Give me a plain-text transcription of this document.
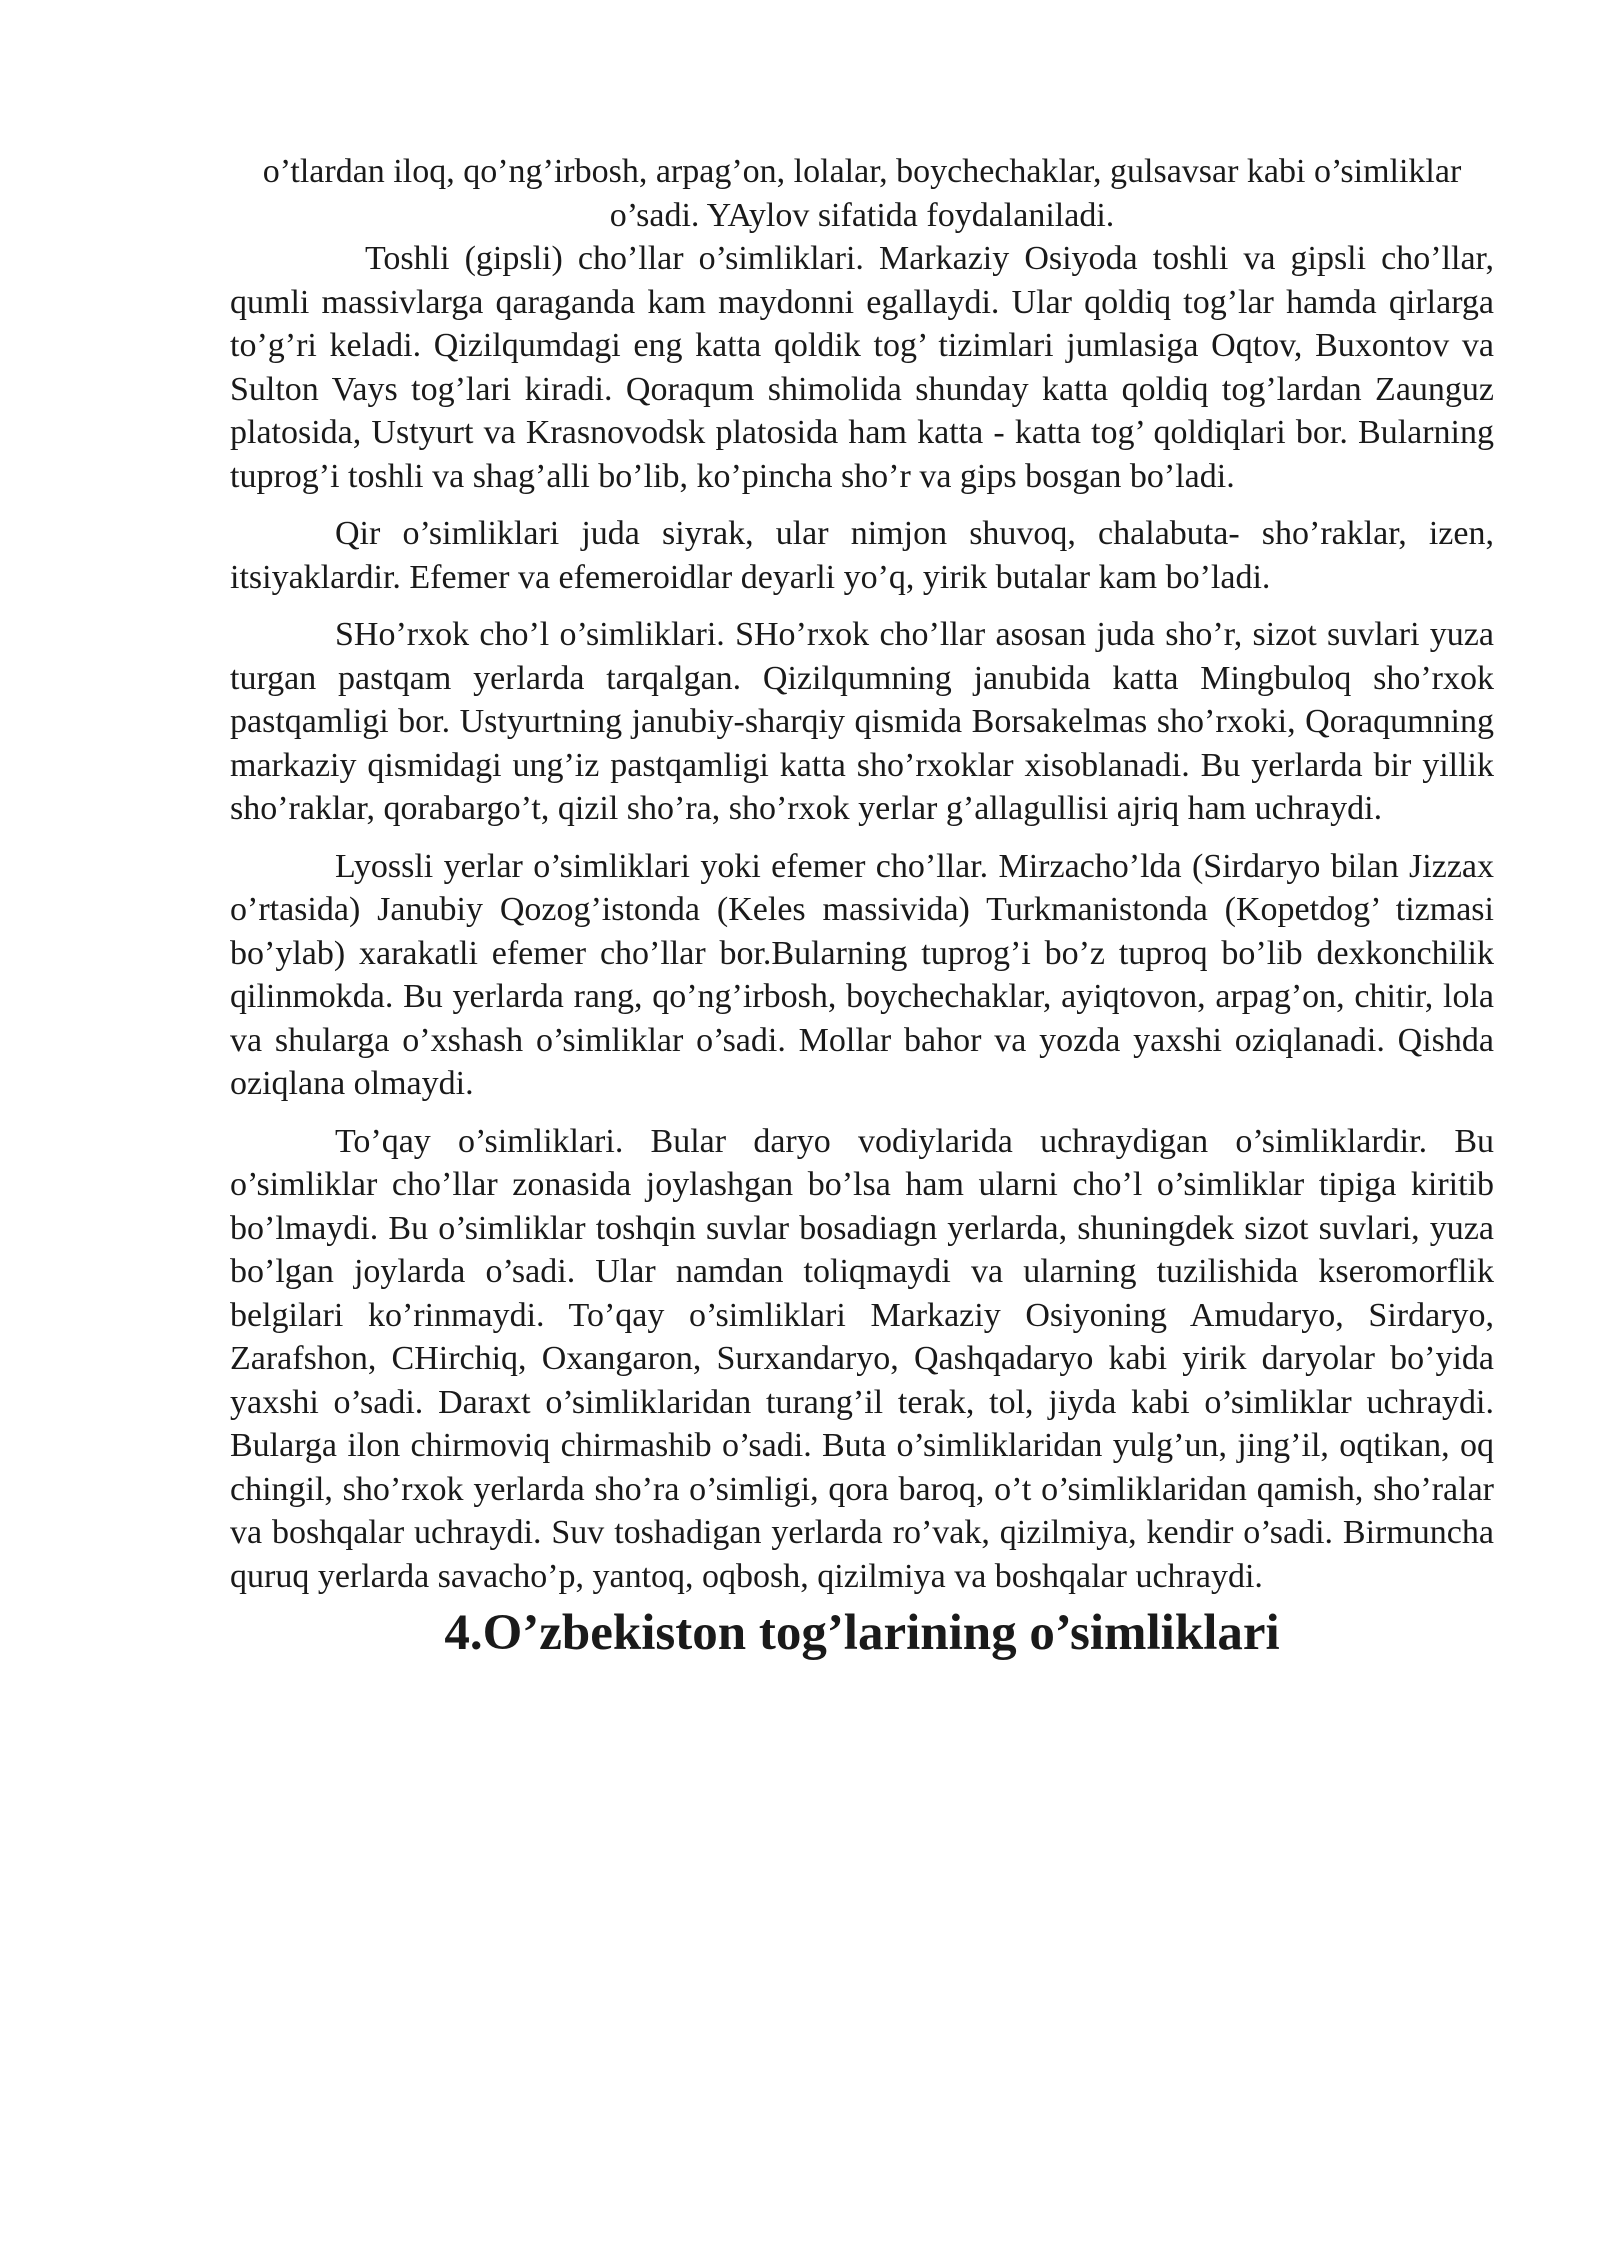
o’tlardan iloq, qo’ng’irbosh, arpag’on, lolalar, boychechaklar, gulsavsar kabi o’simliklar o’sadi. YAylov sifatida foydalaniladi.

Toshli (gipsli) cho’llar o’simliklari. Markaziy Osiyoda toshli va gipsli cho’llar, qumli massivlarga qaraganda kam maydonni egallaydi. Ular qoldiq tog’lar hamda qirlarga to’g’ri keladi. Qizilqumdagi eng katta qoldik tog’ tizimlari jumlasiga Oqtov, Buxontov va Sulton Vays tog’lari kiradi. Qoraqum shimolida shunday katta qoldiq tog’lardan Zaunguz platosida, Ustyurt va Krasnovodsk platosida ham katta - katta tog’ qoldiqlari bor. Bularning tuprog’i toshli va shag’alli bo’lib, ko’pincha sho’r va gips bosgan bo’ladi.

Qir o’simliklari juda siyrak, ular nimjon shuvoq, chalabuta- sho’raklar, izen, itsiyaklardir. Efemer va efemeroidlar deyarli yo’q, yirik butalar kam bo’ladi.

SHo’rxok cho’l o’simliklari. SHo’rxok cho’llar asosan juda sho’r, sizot suvlari yuza turgan pastqam yerlarda tarqalgan. Qizilqumning janubida katta Mingbuloq sho’rxok pastqamligi bor. Ustyurtning janubiy-sharqiy qismida Borsakelmas sho’rxoki, Qoraqumning markaziy qismidagi ung’iz pastqamligi katta sho’rxoklar xisoblanadi. Bu yerlarda bir yillik sho’raklar, qorabargo’t, qizil sho’ra, sho’rxok yerlar g’allagullisi ajriq ham uchraydi.

Lyossli yerlar o’simliklari yoki efemer cho’llar. Mirzacho’lda (Sirdaryo bilan Jizzax o’rtasida) Janubiy Qozog’istonda (Keles massivida) Turkmanistonda (Kopetdog’ tizmasi bo’ylab) xarakatli efemer cho’llar bor.Bularning tuprog’i bo’z tuproq bo’lib dexkonchilik qilinmokda. Bu yerlarda rang, qo’ng’irbosh, boychechaklar, ayiqtovon, arpag’on, chitir, lola va shularga o’xshash o’simliklar o’sadi. Mollar bahor va yozda yaxshi oziqlanadi. Qishda oziqlana olmaydi.

To’qay o’simliklari. Bular daryo vodiylarida uchraydigan o’simliklardir. Bu o’simliklar cho’llar zonasida joylashgan bo’lsa ham ularni cho’l o’simliklar tipiga kiritib bo’lmaydi. Bu o’simliklar toshqin suvlar bosadiagn yerlarda, shuningdek sizot suvlari, yuza bo’lgan joylarda o’sadi. Ular namdan toliqmaydi va ularning tuzilishida kseromorflik belgilari ko’rinmaydi. To’qay o’simliklari Markaziy Osiyoning Amudaryo, Sirdaryo, Zarafshon, CHirchiq, Oxangaron, Surxandaryo, Qashqadaryo kabi yirik daryolar bo’yida yaxshi o’sadi. Daraxt o’simliklaridan turang’il terak, tol, jiyda kabi o’simliklar uchraydi. Bularga ilon chirmoviq chirmashib o’sadi. Buta o’simliklaridan yulg’un, jing’il, oqtikan, oq chingil, sho’rxok yerlarda sho’ra o’simligi, qora baroq, o’t o’simliklaridan qamish, sho’ralar va boshqalar uchraydi. Suv toshadigan yerlarda ro’vak, qizilmiya, kendir o’sadi. Birmuncha quruq yerlarda savacho’p, yantoq, oqbosh, qizilmiya va boshqalar uchraydi.

4.O’zbekiston tog’larining o’simliklari
